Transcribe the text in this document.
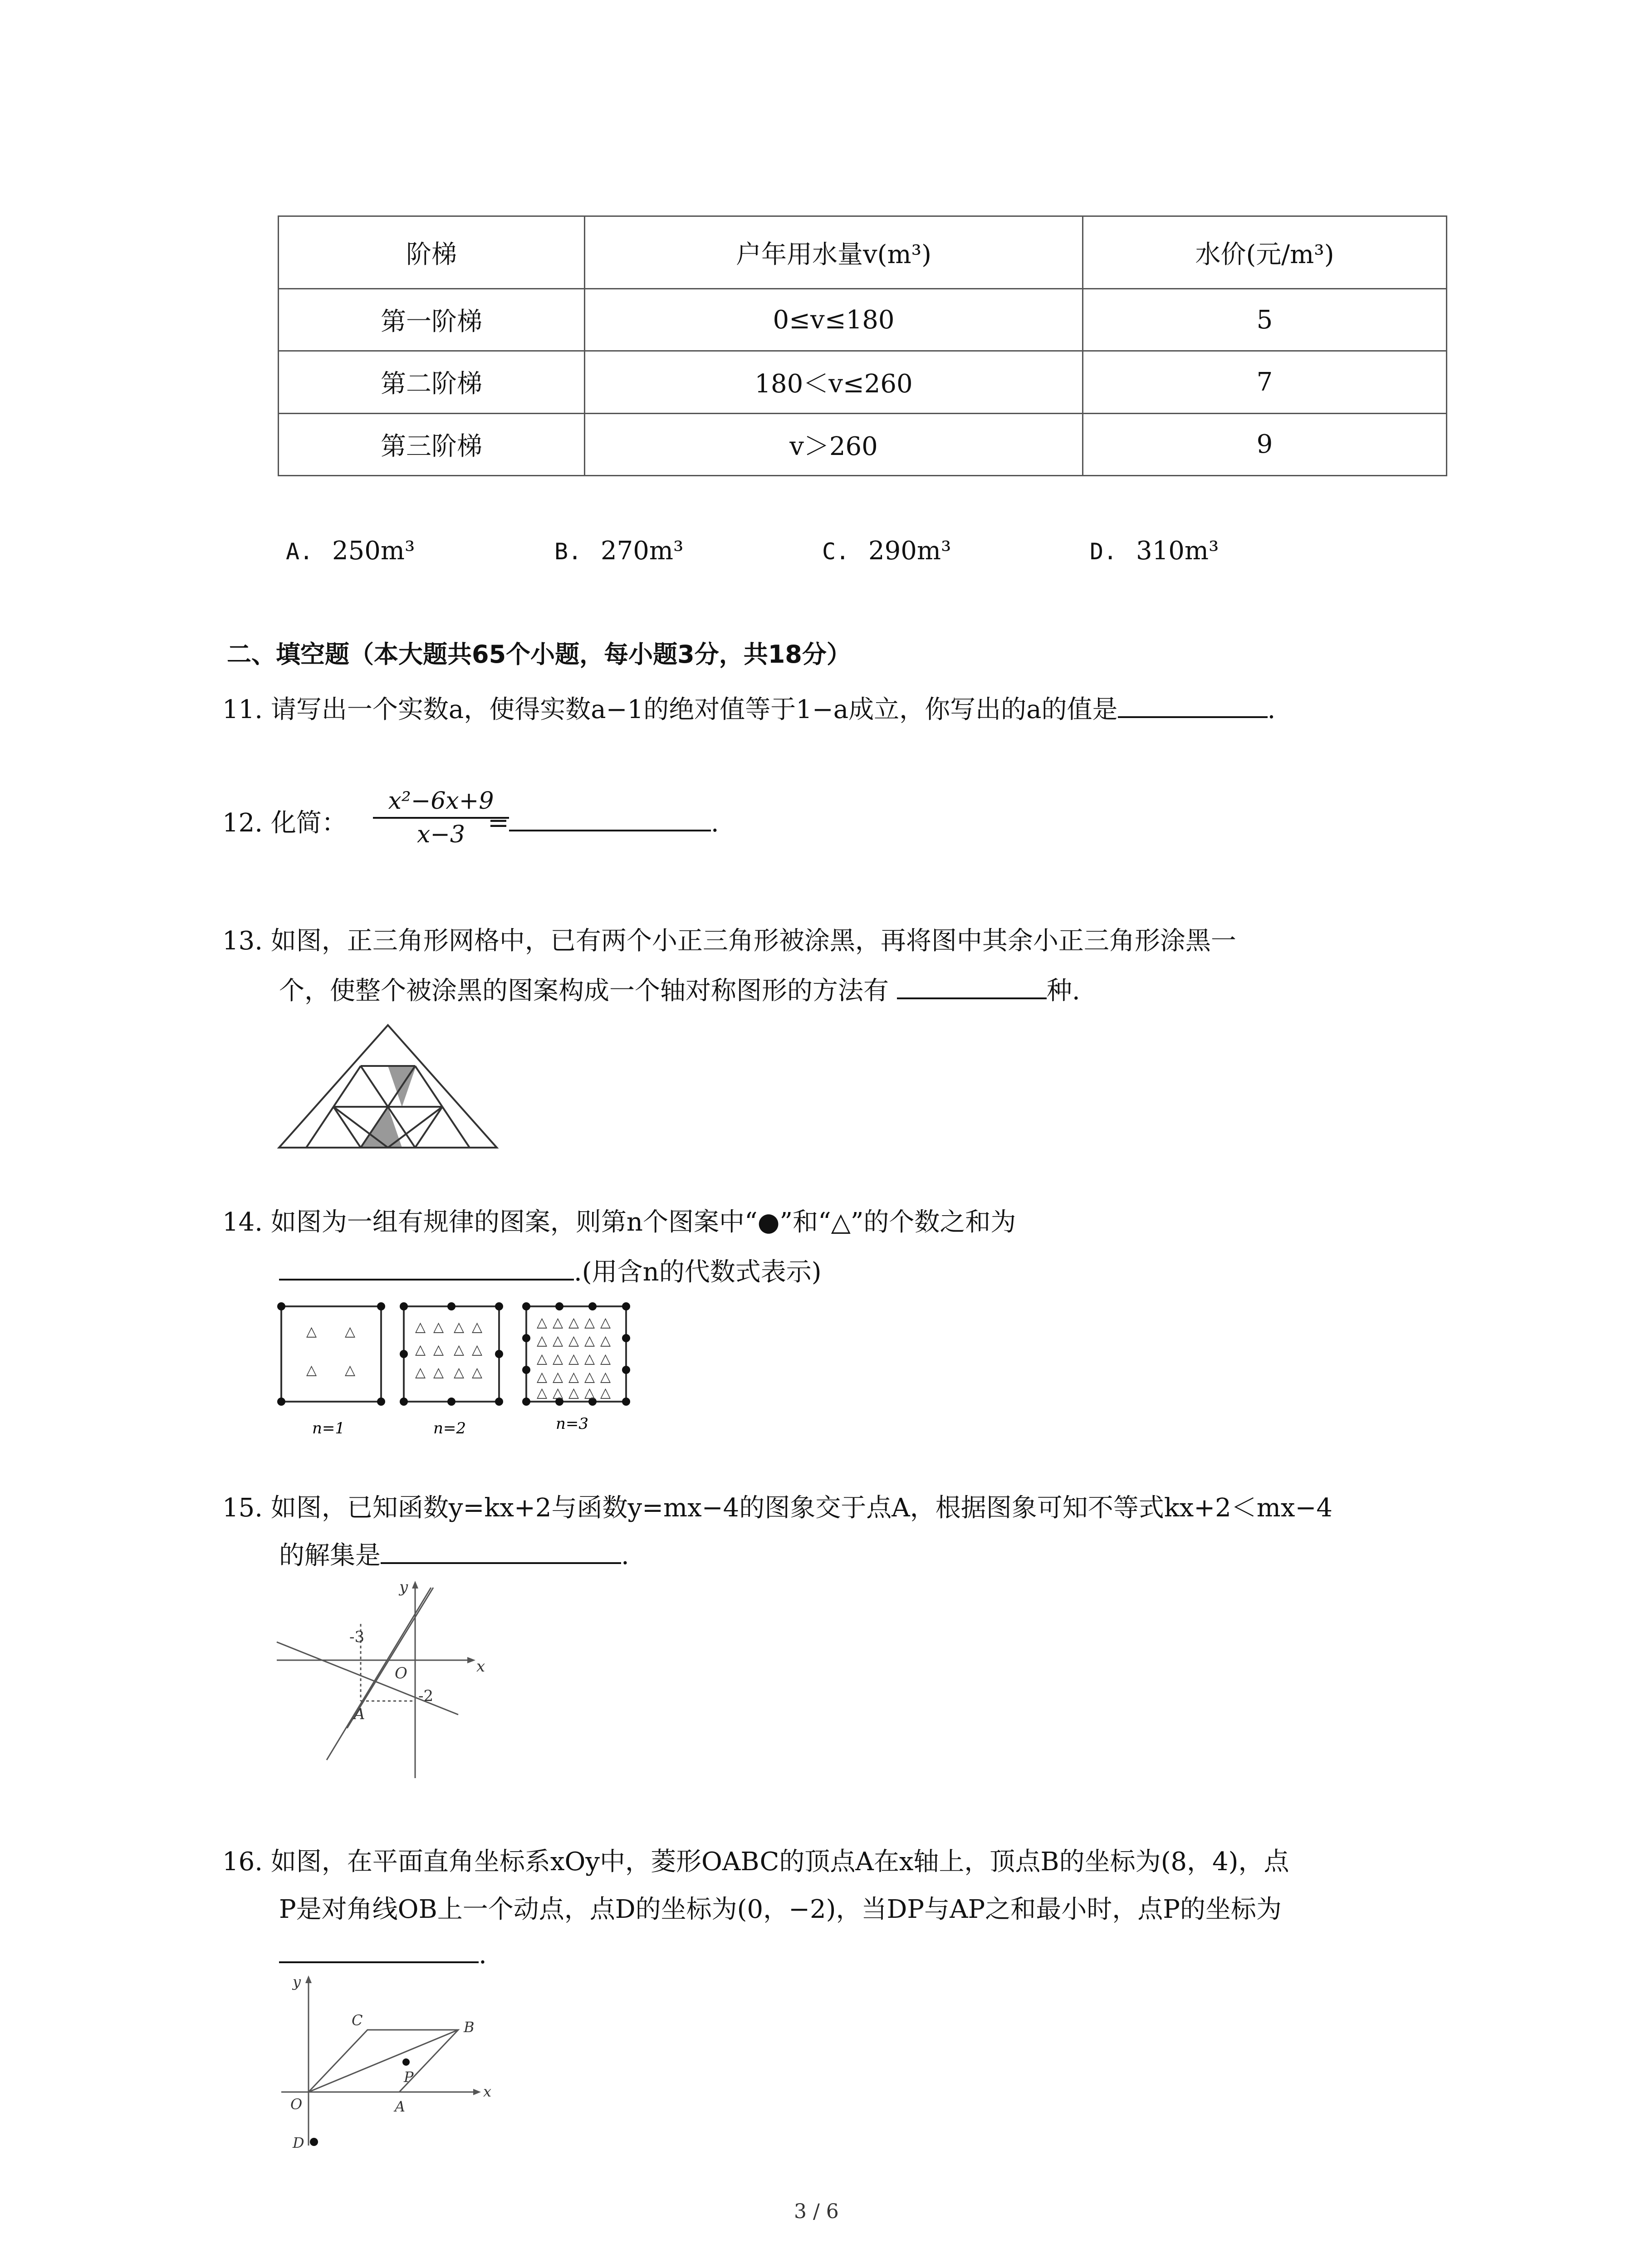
阶梯	户年用水量v(m³)	水价(元/m³)
第一阶梯	0≤v≤180	5
第二阶梯	180＜v≤260	7
第三阶梯	v＞260	9
A. 250m³	B. 270m³	C. 290m³	D. 310m³
二、填空题（本大题共65个小题，每小题3分，共18分）
11. 请写出一个实数a，使得实数a−1的绝对值等于1−a成立，你写出的a的值是	.
12. 化简：
x²−6x+9
x−3 =	.
13. 如图，正三角形网格中，已有两个小正三角形被涂黑，再将图中其余小正三角形涂黑一
个，使整个被涂黑的图案构成一个轴对称图形的方法有	种.
14. 如图为一组有规律的图案，则第n个图案中“●”和“△”的个数之和为
.(用含n的代数式表示)
△ △
△ △
△ △ △ △
△ △ △ △
△ △ △ △
△ △ △ △ △
△ △ △ △ △
△ △ △ △ △
△ △ △ △ △
△ △ △ △ △
n=1	n=2	n=3
15. 如图，已知函数y=kx+2与函数y=mx−4的图象交于点A，根据图象可知不等式kx+2＜mx−4
的解集是	.
y
x
O
A
-3
-2
16. 如图，在平面直角坐标系xOy中，菱形OABC的顶点A在x轴上，顶点B的坐标为(8，4)，点
P是对角线OB上一个动点，点D的坐标为(0，−2)，当DP与AP之和最小时，点P的坐标为
.
y
x
O	A
B
C
P
D
3 / 6
